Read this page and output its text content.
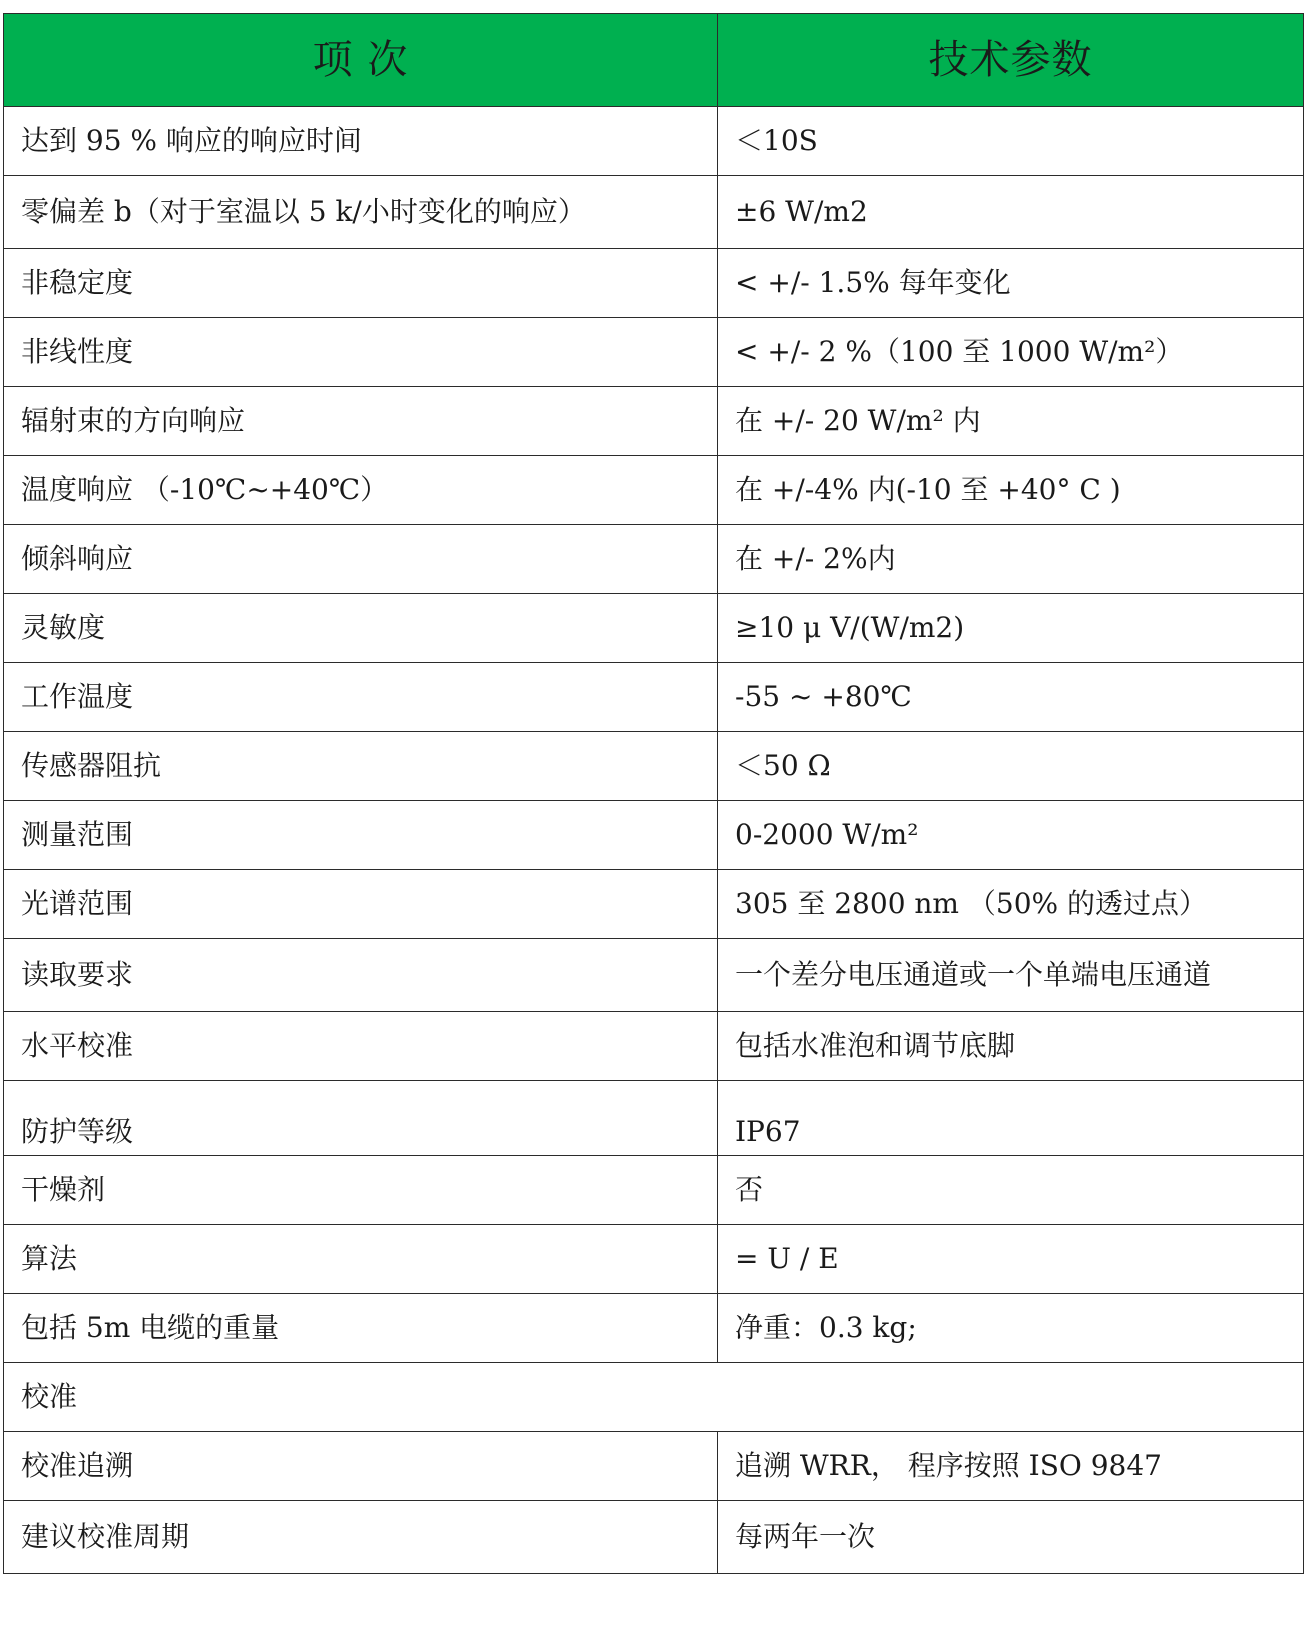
项 次	技术参数
达到 95 % 响应的响应时间	＜10S
零偏差 b（对于室温以 5 k/小时变化的响应）	±6 W/m2
非稳定度	< +/- 1.5% 每年变化
非线性度	< +/- 2 %（100 至 1000 W/m²）
辐射束的方向响应	在 +/- 20 W/m² 内
温度响应 （-10℃~+40℃）	在 +/-4% 内(-10 至 +40° C )
倾斜响应	在 +/- 2%内
灵敏度	≥10 μ V/(W/m2)
工作温度	-55 ~ +80℃
传感器阻抗	＜50 Ω
测量范围	0-2000 W/m²
光谱范围	305 至 2800 nm （50% 的透过点）
读取要求	一个差分电压通道或一个单端电压通道
水平校准	包括水准泡和调节底脚
防护等级	IP67
干燥剂	否
算法	= U / E
包括 5m 电缆的重量	净重：0.3 kg;
校准	
校准追溯	追溯 WRR， 程序按照 ISO 9847
建议校准周期	每两年一次
